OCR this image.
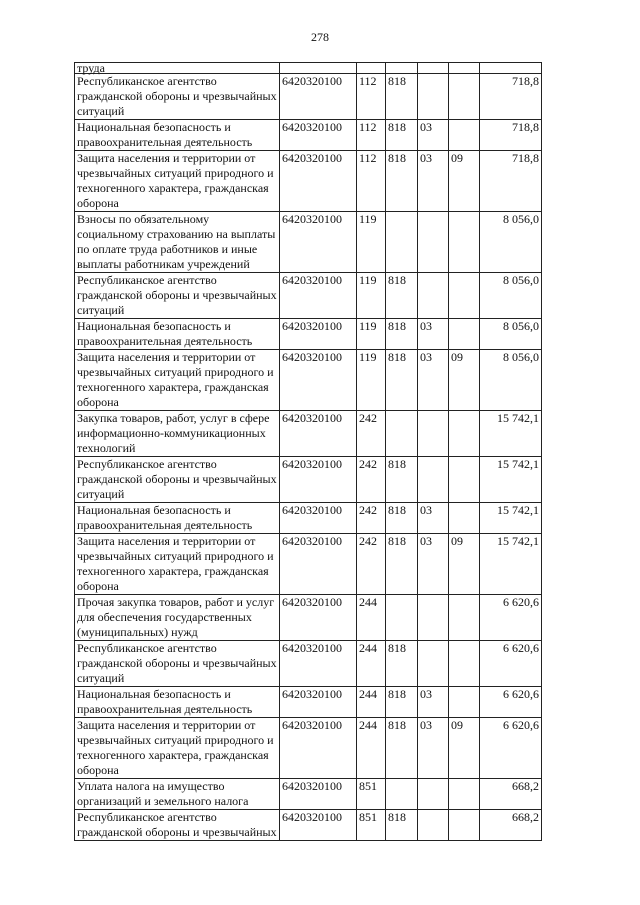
278
труда						
Республиканское агентство гражданской обороны и чрезвычайных ситуаций	6420320100	112	818			718,8
Национальная безопасность и правоохранительная деятельность	6420320100	112	818	03		718,8
Защита населения и территории от чрезвычайных ситуаций природного и техногенного характера, гражданская оборона	6420320100	112	818	03	09	718,8
Взносы по обязательному социальному страхованию на выплаты по оплате труда работников и иные выплаты работникам учреждений	6420320100	119				8 056,0
Республиканское агентство гражданской обороны и чрезвычайных ситуаций	6420320100	119	818			8 056,0
Национальная безопасность и правоохранительная деятельность	6420320100	119	818	03		8 056,0
Защита населения и территории от чрезвычайных ситуаций природного и техногенного характера, гражданская оборона	6420320100	119	818	03	09	8 056,0
Закупка товаров, работ, услуг в сфере информационно-коммуникационных технологий	6420320100	242				15 742,1
Республиканское агентство гражданской обороны и чрезвычайных ситуаций	6420320100	242	818			15 742,1
Национальная безопасность и правоохранительная деятельность	6420320100	242	818	03		15 742,1
Защита населения и территории от чрезвычайных ситуаций природного и техногенного характера, гражданская оборона	6420320100	242	818	03	09	15 742,1
Прочая закупка товаров, работ и услуг для обеспечения государственных (муниципальных) нужд	6420320100	244				6 620,6
Республиканское агентство гражданской обороны и чрезвычайных ситуаций	6420320100	244	818			6 620,6
Национальная безопасность и правоохранительная деятельность	6420320100	244	818	03		6 620,6
Защита населения и территории от чрезвычайных ситуаций природного и техногенного характера, гражданская оборона	6420320100	244	818	03	09	6 620,6
Уплата налога на имущество организаций и земельного налога	6420320100	851				668,2
Республиканское агентство гражданской обороны и чрезвычайных	6420320100	851	818			668,2
